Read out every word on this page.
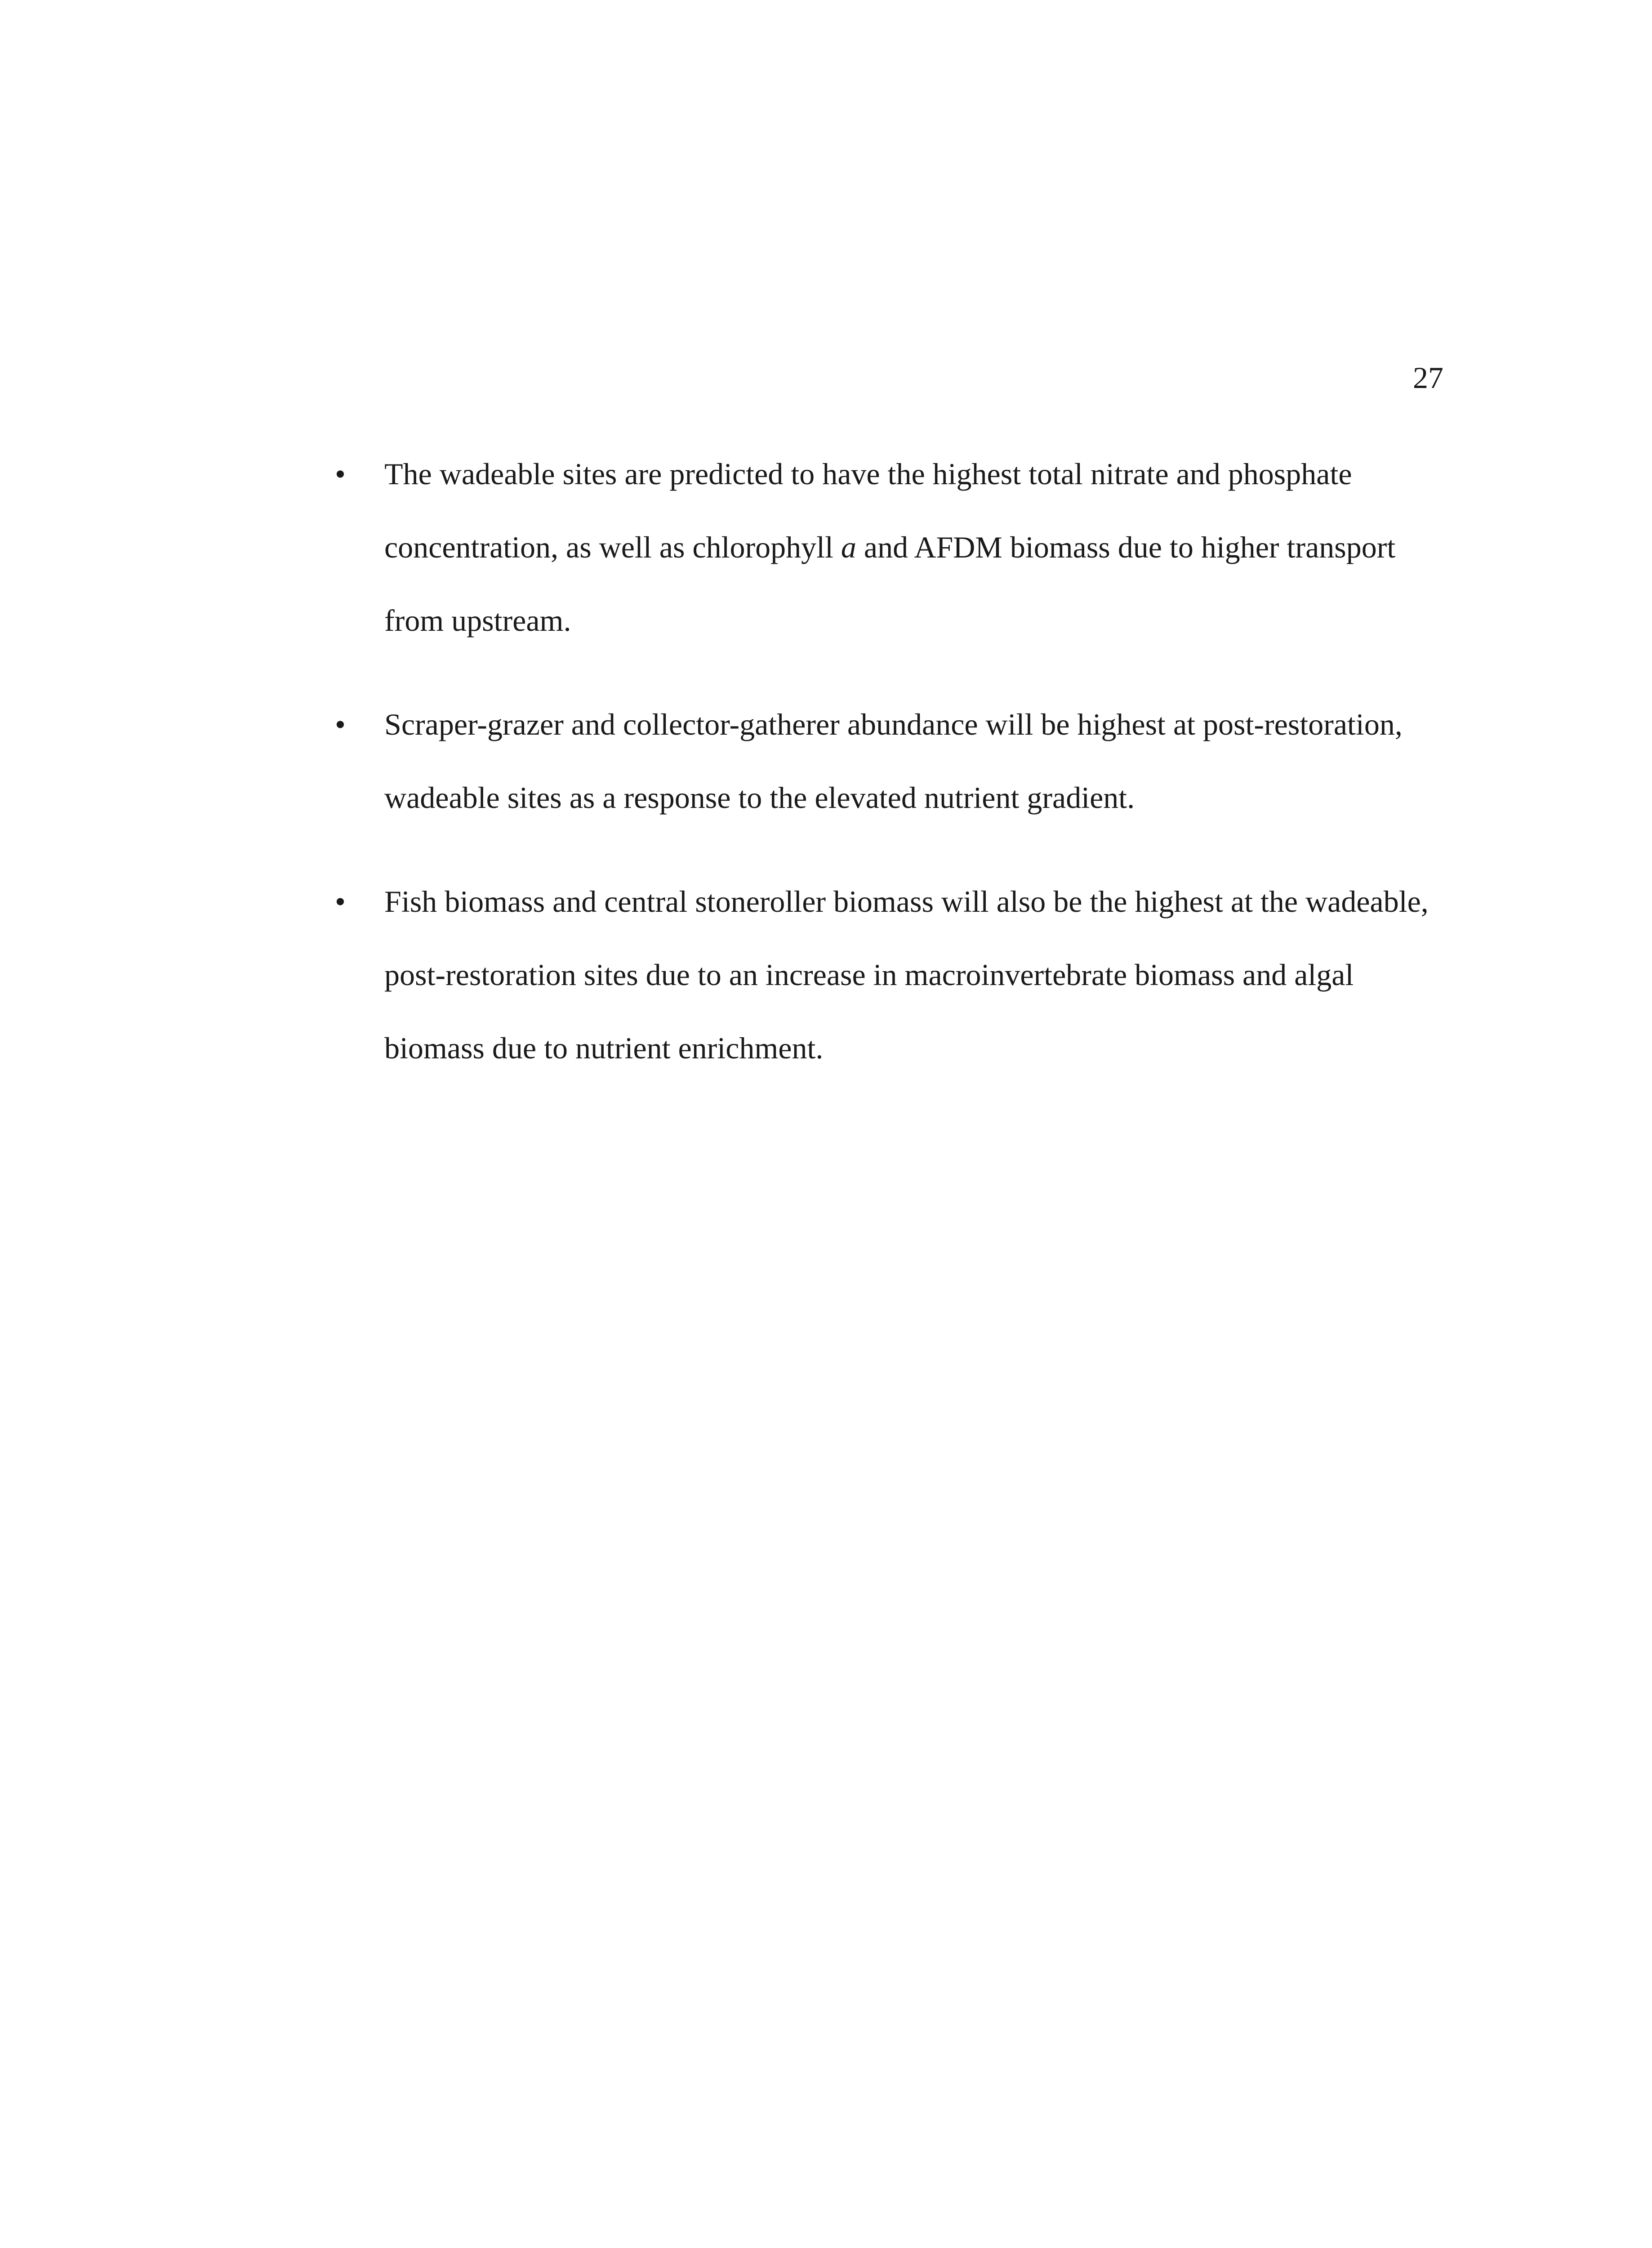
27
• The wadeable sites are predicted to have the highest total nitrate and phosphate concentration, as well as chlorophyll a and AFDM biomass due to higher transport from upstream.
• Scraper-grazer and collector-gatherer abundance will be highest at post-restoration, wadeable sites as a response to the elevated nutrient gradient.
• Fish biomass and central stoneroller biomass will also be the highest at the wadeable, post-restoration sites due to an increase in macroinvertebrate biomass and algal biomass due to nutrient enrichment.
